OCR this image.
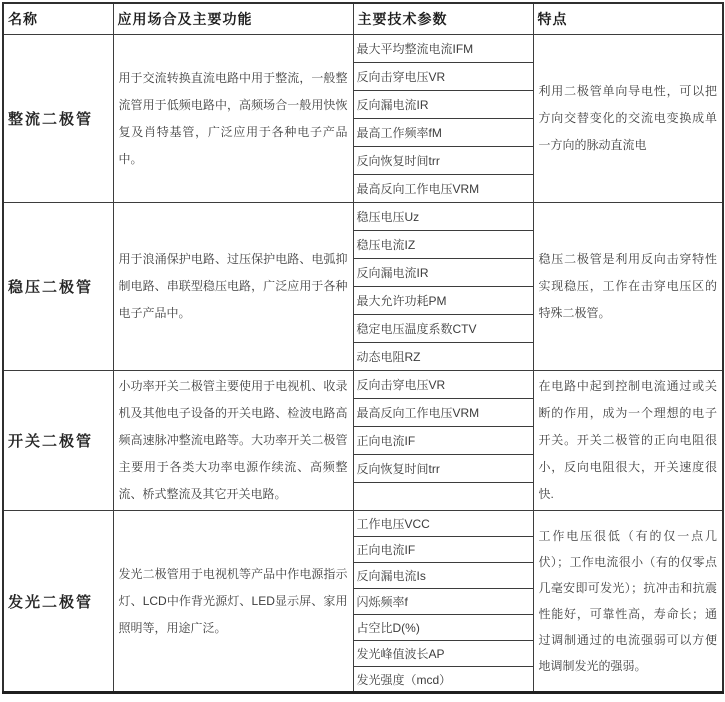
名称	应用场合及主要功能	主要技术参数	特点
整流二极管	用于交流转换直流电路中用于整流，一般整流管用于低频电路中，高频场合一般用快恢复及肖特基管，广泛应用于各种电子产品中。	最大平均整流电流IFM	利用二极管单向导电性，可以把方向交替变化的交流电变换成单一方向的脉动直流电
		反向击穿电压VR	
		反向漏电流IR	
		最高工作频率fM	
		反向恢复时间trr	
		最高反向工作电压VRM	
稳压二极管	用于浪涌保护电路、过压保护电路、电弧抑制电路、串联型稳压电路，广泛应用于各种电子产品中。	稳压电压Uz	稳压二极管是利用反向击穿特性实现稳压，工作在击穿电压区的特殊二极管。
		稳压电流IZ	
		反向漏电流IR	
		最大允许功耗PM	
		稳定电压温度系数CTV	
		动态电阻RZ	
开关二极管	小功率开关二极管主要使用于电视机、收录机及其他电子设备的开关电路、检波电路高频高速脉冲整流电路等。大功率开关二极管主要用于各类大功率电源作续流、高频整流、桥式整流及其它开关电路。	反向击穿电压VR	在电路中起到控制电流通过或关断的作用，成为一个理想的电子开关。开关二极管的正向电阻很小，反向电阻很大，开关速度很快.
		最高反向工作电压VRM	
		正向电流IF	
		反向恢复时间trr	

发光二极管	发光二极管用于电视机等产品中作电源指示灯、LCD中作背光源灯、LED显示屏、家用照明等，用途广泛。	工作电压VCC	工作电压很低（有的仅一点几伏）；工作电流很小（有的仅零点几毫安即可发光）；抗冲击和抗震性能好，可靠性高，寿命长；通过调制通过的电流强弱可以方便地调制发光的强弱。
		正向电流IF	
		反向漏电流Is	
		闪烁频率f	
		占空比D(%)	
		发光峰值波长AP	
		发光强度（mcd）	
